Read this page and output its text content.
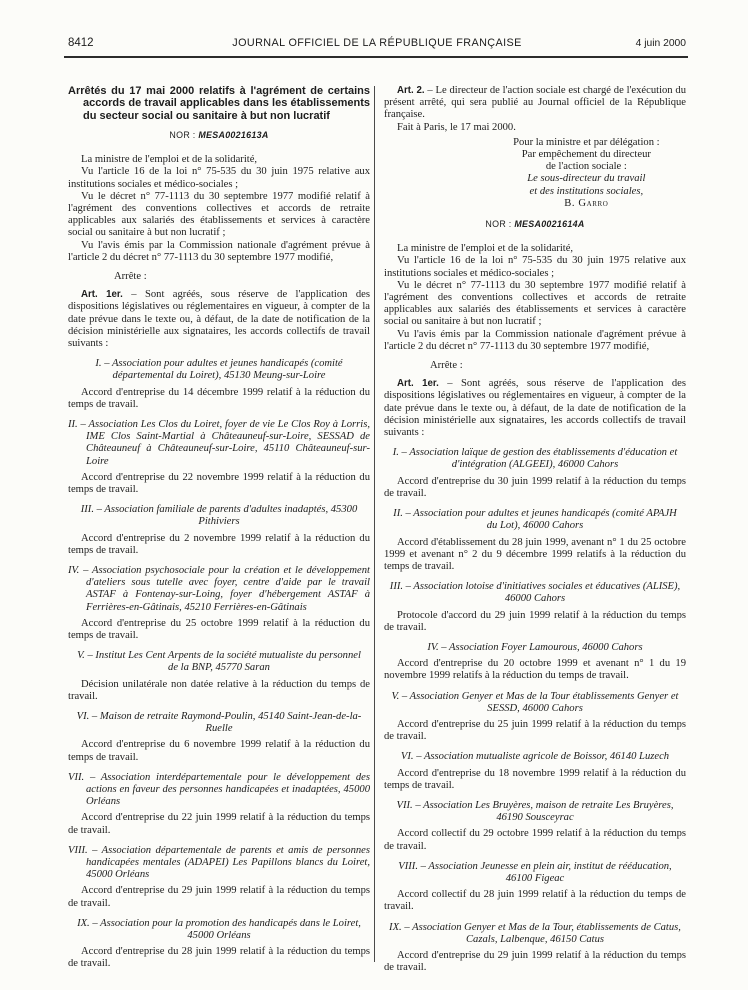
8412	JOURNAL OFFICIEL DE LA RÉPUBLIQUE FRANÇAISE	4 juin 2000
Arrêtés du 17 mai 2000 relatifs à l'agrément de certains accords de travail applicables dans les établissements du secteur social ou sanitaire à but non lucratif
NOR : MESA0021613A

La ministre de l'emploi et de la solidarité,

Vu l'article 16 de la loi n° 75-535 du 30 juin 1975 relative aux institutions sociales et médico-sociales ;

Vu le décret n° 77-1113 du 30 septembre 1977 modifié relatif à l'agrément des conventions collectives et accords de retraite applicables aux salariés des établissements et services à caractère social ou sanitaire à but non lucratif ;

Vu l'avis émis par la Commission nationale d'agrément prévue à l'article 2 du décret n° 77-1113 du 30 septembre 1977 modifié,

Arrête :

Art. 1er. – Sont agréés, sous réserve de l'application des dispositions législatives ou réglementaires en vigueur, à compter de la date prévue dans le texte ou, à défaut, de la date de notification de la décision ministérielle aux signataires, les accords collectifs de travail suivants :

I. – Association pour adultes et jeunes handicapés (comité départemental du Loiret), 45130 Meung-sur-Loire

Accord d'entreprise du 14 décembre 1999 relatif à la réduction du temps de travail.

II. – Association Les Clos du Loiret, foyer de vie Le Clos Roy à Lorris, IME Clos Saint-Martial à Châteauneuf-sur-Loire, SESSAD de Châteauneuf à Châteauneuf-sur-Loire, 45110 Châteauneuf-sur-Loire

Accord d'entreprise du 22 novembre 1999 relatif à la réduction du temps de travail.

III. – Association familiale de parents d'adultes inadaptés, 45300 Pithiviers

Accord d'entreprise du 2 novembre 1999 relatif à la réduction du temps de travail.

IV. – Association psychosociale pour la création et le développement d'ateliers sous tutelle avec foyer, centre d'aide par le travail ASTAF à Fontenay-sur-Loing, foyer d'hébergement ASTAF à Ferrières-en-Gâtinais, 45210 Ferrières-en-Gâtinais

Accord d'entreprise du 25 octobre 1999 relatif à la réduction du temps de travail.

V. – Institut Les Cent Arpents de la société mutualiste du personnel de la BNP, 45770 Saran

Décision unilatérale non datée relative à la réduction du temps de travail.

VI. – Maison de retraite Raymond-Poulin, 45140 Saint-Jean-de-la-Ruelle

Accord d'entreprise du 6 novembre 1999 relatif à la réduction du temps de travail.

VII. – Association interdépartementale pour le développement des actions en faveur des personnes handicapées et inadaptées, 45000 Orléans

Accord d'entreprise du 22 juin 1999 relatif à la réduction du temps de travail.

VIII. – Association départementale de parents et amis de personnes handicapées mentales (ADAPEI) Les Papillons blancs du Loiret, 45000 Orléans

Accord d'entreprise du 29 juin 1999 relatif à la réduction du temps de travail.

IX. – Association pour la promotion des handicapés dans le Loiret, 45000 Orléans

Accord d'entreprise du 28 juin 1999 relatif à la réduction du temps de travail.

Art. 2. – Le directeur de l'action sociale est chargé de l'exécution du présent arrêté, qui sera publié au Journal officiel de la République française.

Fait à Paris, le 17 mai 2000.

Pour la ministre et par délégation :
Par empêchement du directeur
de l'action sociale :
Le sous-directeur du travail
et des institutions sociales,
B. Garro
NOR : MESA0021614A

La ministre de l'emploi et de la solidarité,

Vu l'article 16 de la loi n° 75-535 du 30 juin 1975 relative aux institutions sociales et médico-sociales ;

Vu le décret n° 77-1113 du 30 septembre 1977 modifié relatif à l'agrément des conventions collectives et accords de retraite applicables aux salariés des établissements et services à caractère social ou sanitaire à but non lucratif ;

Vu l'avis émis par la Commission nationale d'agrément prévue à l'article 2 du décret n° 77-1113 du 30 septembre 1977 modifié,

Arrête :

Art. 1er. – Sont agréés, sous réserve de l'application des dispositions législatives ou réglementaires en vigueur, à compter de la date prévue dans le texte ou, à défaut, de la date de notification de la décision ministérielle aux signataires, les accords collectifs de travail suivants :

I. – Association laïque de gestion des établissements d'éducation et d'intégration (ALGEEI), 46000 Cahors

Accord d'entreprise du 30 juin 1999 relatif à la réduction du temps de travail.

II. – Association pour adultes et jeunes handicapés (comité APAJH du Lot), 46000 Cahors

Accord d'établissement du 28 juin 1999, avenant n° 1 du 25 octobre 1999 et avenant n° 2 du 9 décembre 1999 relatifs à la réduction du temps de travail.

III. – Association lotoise d'initiatives sociales et éducatives (ALISE), 46000 Cahors

Protocole d'accord du 29 juin 1999 relatif à la réduction du temps de travail.

IV. – Association Foyer Lamourous, 46000 Cahors

Accord d'entreprise du 20 octobre 1999 et avenant n° 1 du 19 novembre 1999 relatifs à la réduction du temps de travail.

V. – Association Genyer et Mas de la Tour établissements Genyer et SESSD, 46000 Cahors

Accord d'entreprise du 25 juin 1999 relatif à la réduction du temps de travail.

VI. – Association mutualiste agricole de Boissor, 46140 Luzech

Accord d'entreprise du 18 novembre 1999 relatif à la réduction du temps de travail.

VII. – Association Les Bruyères, maison de retraite Les Bruyères, 46190 Sousceyrac

Accord collectif du 29 octobre 1999 relatif à la réduction du temps de travail.

VIII. – Association Jeunesse en plein air, institut de rééducation, 46100 Figeac

Accord collectif du 28 juin 1999 relatif à la réduction du temps de travail.

IX. – Association Genyer et Mas de la Tour, établissements de Catus, Cazals, Lalbenque, 46150 Catus

Accord d'entreprise du 29 juin 1999 relatif à la réduction du temps de travail.
